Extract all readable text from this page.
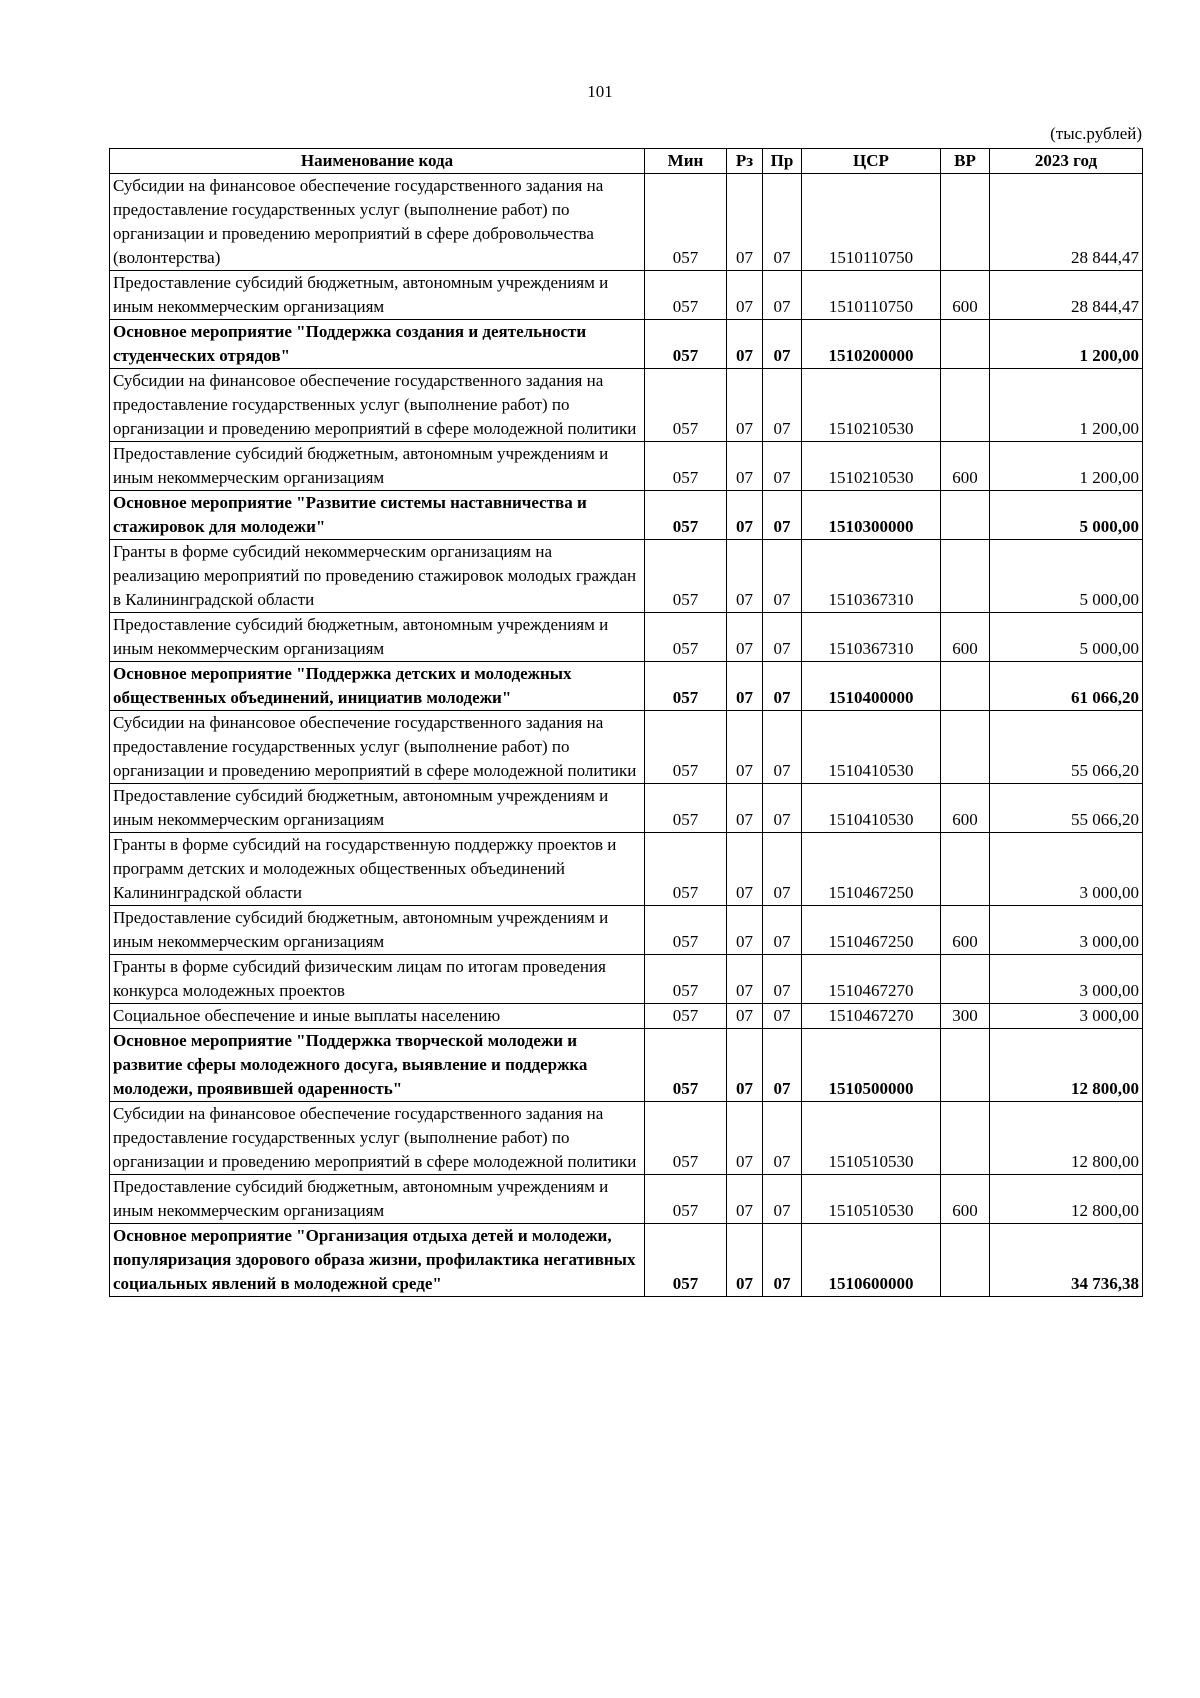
101
(тыс.рублей)
Наименование кода	Мин	Рз	Пр	ЦСР	ВР	2023 год
Субсидии на финансовое обеспечение государственного задания на предоставление государственных услуг (выполнение работ) по организации и проведению мероприятий в сфере добровольчества (волонтерства)	057	07	07	1510110750		28 844,47
Предоставление субсидий бюджетным, автономным учреждениям и иным некоммерческим организациям	057	07	07	1510110750	600	28 844,47
Основное мероприятие "Поддержка создания и деятельности студенческих отрядов"	057	07	07	1510200000		1 200,00
Субсидии на финансовое обеспечение государственного задания на предоставление государственных услуг (выполнение работ) по организации и проведению мероприятий в сфере молодежной политики	057	07	07	1510210530		1 200,00
Предоставление субсидий бюджетным, автономным учреждениям и иным некоммерческим организациям	057	07	07	1510210530	600	1 200,00
Основное мероприятие "Развитие системы наставничества и стажировок для молодежи"	057	07	07	1510300000		5 000,00
Гранты в форме субсидий некоммерческим организациям на реализацию мероприятий по проведению стажировок молодых граждан в Калининградской области	057	07	07	1510367310		5 000,00
Предоставление субсидий бюджетным, автономным учреждениям и иным некоммерческим организациям	057	07	07	1510367310	600	5 000,00
Основное мероприятие "Поддержка детских и молодежных общественных объединений, инициатив молодежи"	057	07	07	1510400000		61 066,20
Субсидии на финансовое обеспечение государственного задания на предоставление государственных услуг (выполнение работ) по организации и проведению мероприятий в сфере молодежной политики	057	07	07	1510410530		55 066,20
Предоставление субсидий бюджетным, автономным учреждениям и иным некоммерческим организациям	057	07	07	1510410530	600	55 066,20
Гранты в форме субсидий на государственную поддержку проектов и программ детских и молодежных общественных объединений Калининградской области	057	07	07	1510467250		3 000,00
Предоставление субсидий бюджетным, автономным учреждениям и иным некоммерческим организациям	057	07	07	1510467250	600	3 000,00
Гранты в форме субсидий физическим лицам по итогам проведения конкурса молодежных проектов	057	07	07	1510467270		3 000,00
Социальное обеспечение и иные выплаты населению	057	07	07	1510467270	300	3 000,00
Основное мероприятие "Поддержка творческой молодежи и развитие сферы молодежного досуга, выявление и поддержка молодежи, проявившей одаренность"	057	07	07	1510500000		12 800,00
Субсидии на финансовое обеспечение государственного задания на предоставление государственных услуг (выполнение работ) по организации и проведению мероприятий в сфере молодежной политики	057	07	07	1510510530		12 800,00
Предоставление субсидий бюджетным, автономным учреждениям и иным некоммерческим организациям	057	07	07	1510510530	600	12 800,00
Основное мероприятие "Организация отдыха детей и молодежи, популяризация здорового образа жизни, профилактика негативных социальных явлений в молодежной среде"	057	07	07	1510600000		34 736,38
